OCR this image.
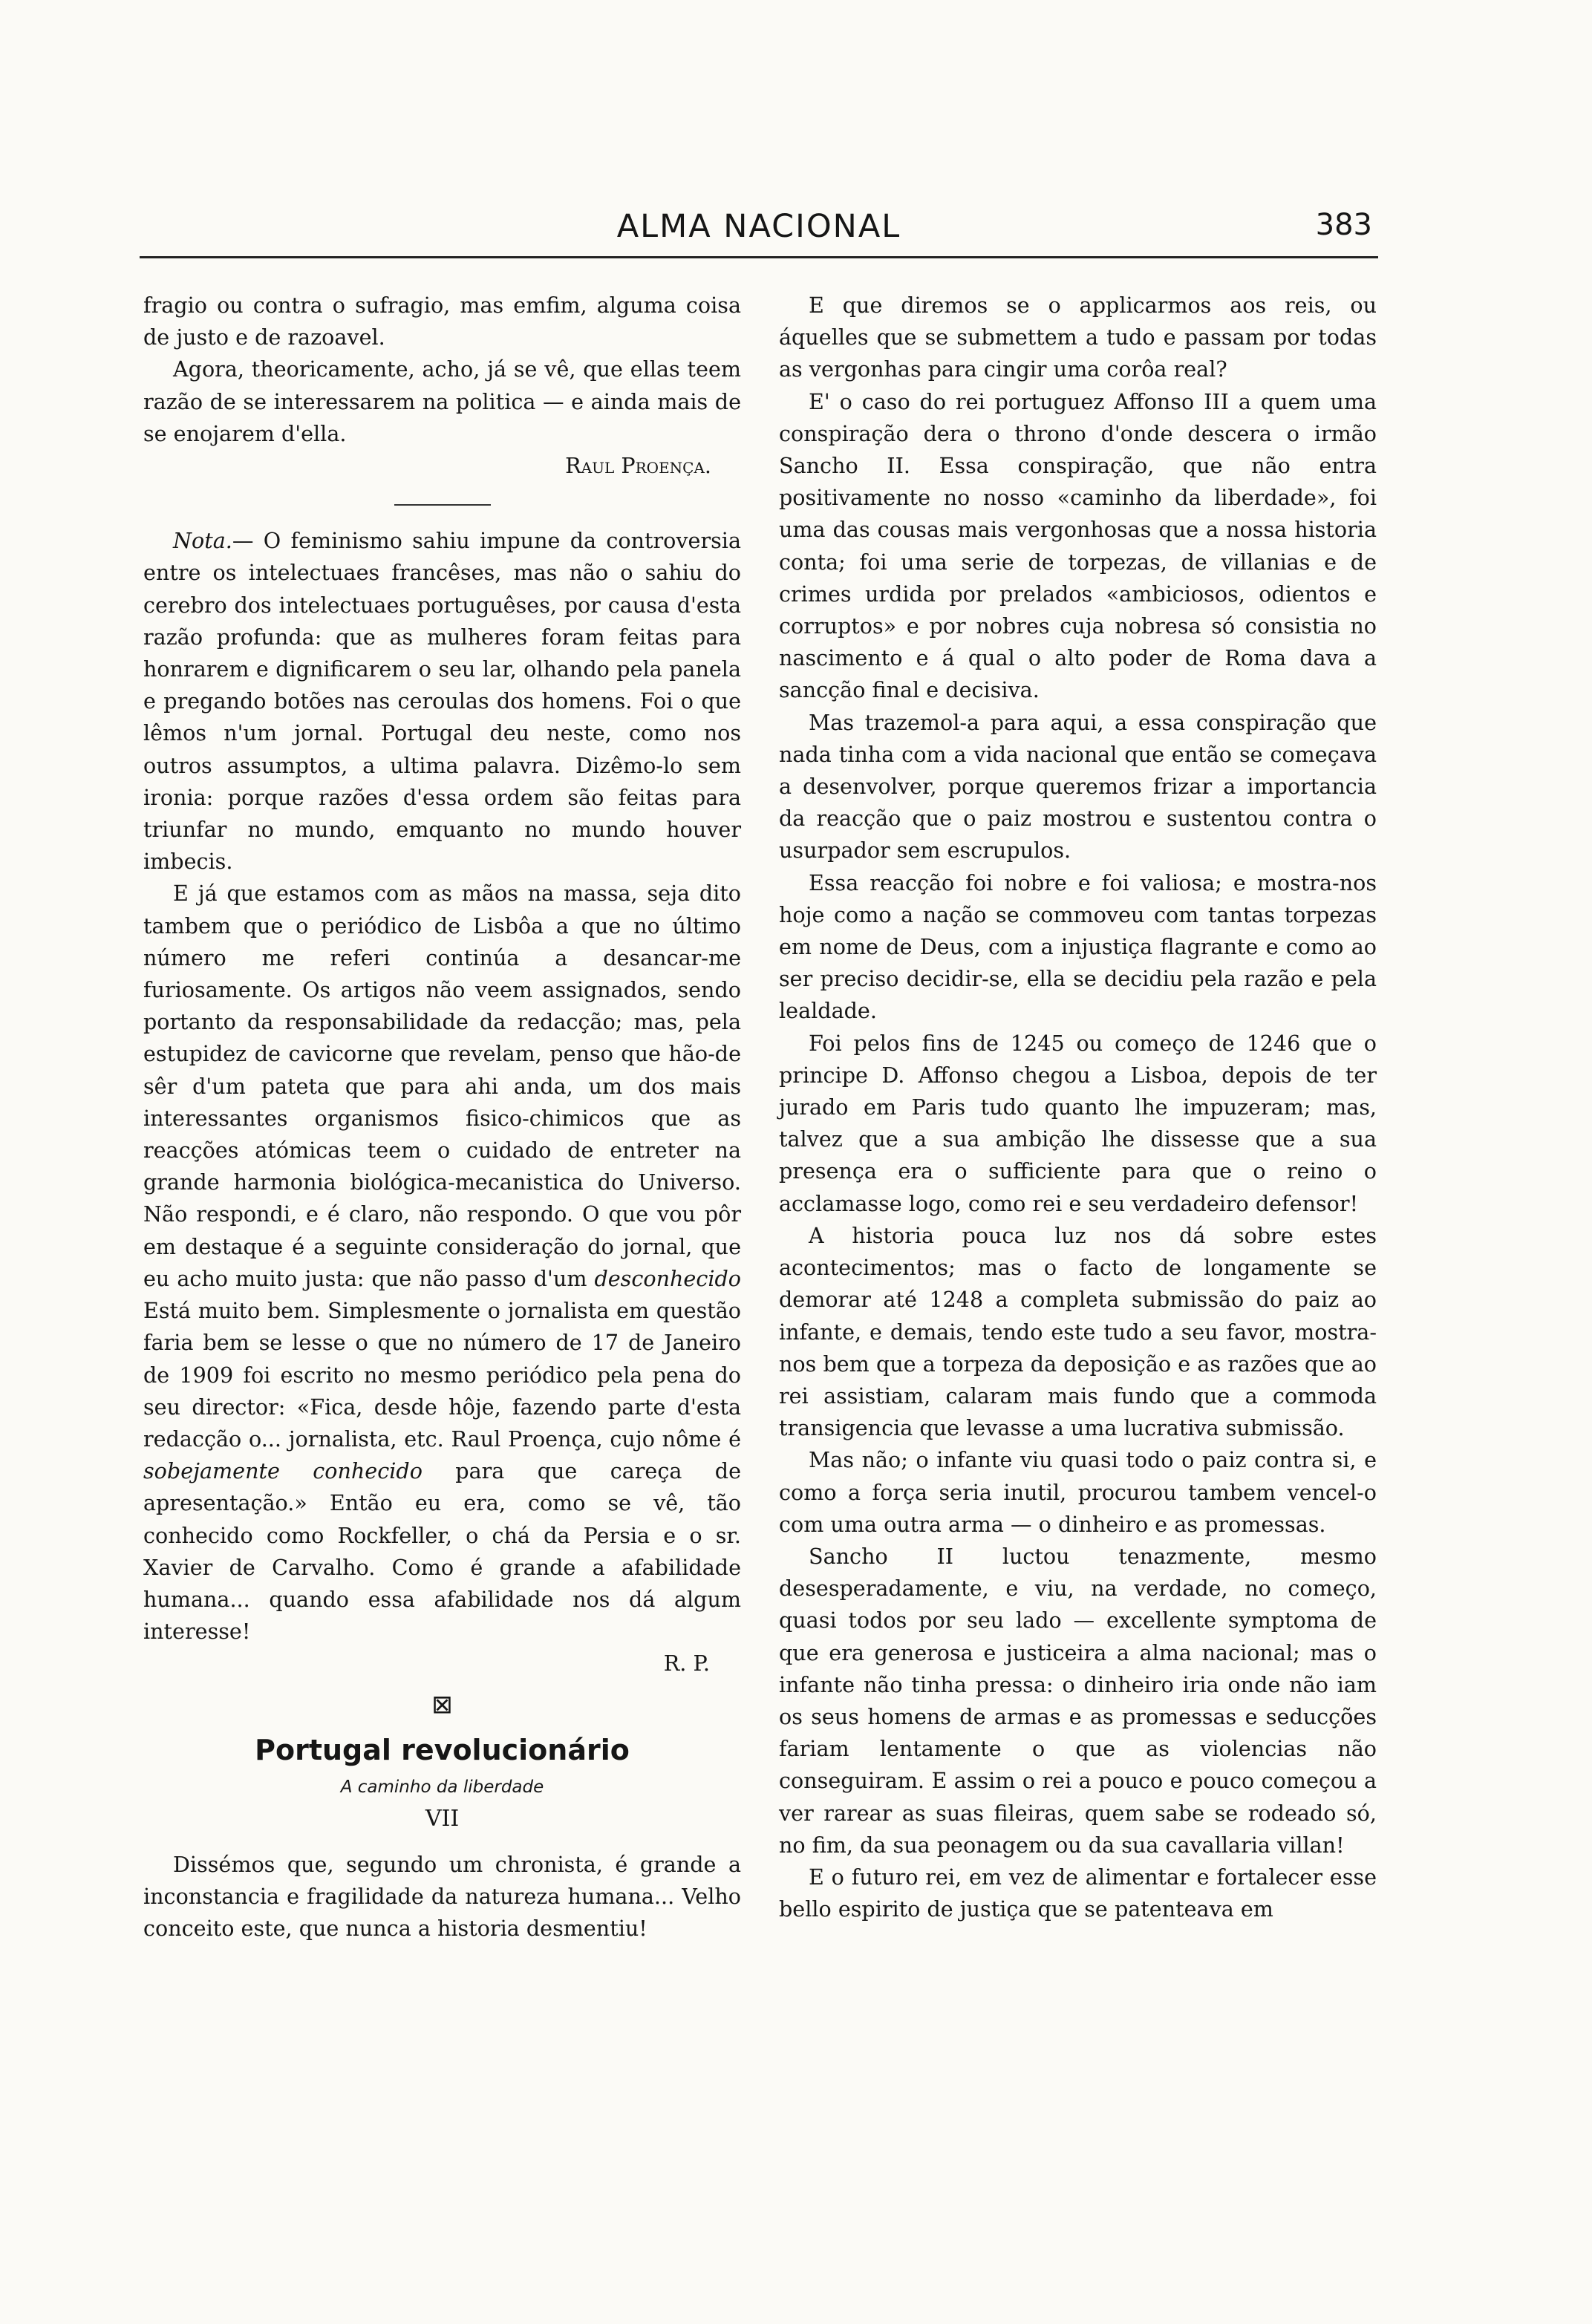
ALMA NACIONAL	383

fragio ou contra o sufragio, mas emfim, alguma coisa de justo e de razoavel.

Agora, theoricamente, acho, já se vê, que ellas teem razão de se interessarem na politica — e ainda mais de se enojarem d'ella.

Raul Proença.

Nota.— O feminismo sahiu impune da controversia entre os intelectuaes francêses, mas não o sahiu do cerebro dos intelectuaes portuguêses, por causa d'esta razão profunda: que as mulheres foram feitas para honrarem e dignificarem o seu lar, olhando pela panela e pregando botões nas ceroulas dos homens. Foi o que lêmos n'um jornal. Portugal deu neste, como nos outros assumptos, a ultima palavra. Dizêmo-lo sem ironia: porque razões d'essa ordem são feitas para triunfar no mundo, emquanto no mundo houver imbecis.

E já que estamos com as mãos na massa, seja dito tambem que o periódico de Lisbôa a que no último número me referi continúa a desancar-me furiosamente. Os artigos não veem assignados, sendo portanto da responsabilidade da redacção; mas, pela estupidez de cavicorne que revelam, penso que hão-de sêr d'um pateta que para ahi anda, um dos mais interessantes organismos fisico-chimicos que as reacções atómicas teem o cuidado de entreter na grande harmonia biológica-mecanistica do Universo. Não respondi, e é claro, não respondo. O que vou pôr em destaque é a seguinte consideração do jornal, que eu acho muito justa: que não passo d'um desconhecido Está muito bem. Simplesmente o jornalista em questão faria bem se lesse o que no número de 17 de Janeiro de 1909 foi escrito no mesmo periódico pela pena do seu director: «Fica, desde hôje, fazendo parte d'esta redacção o... jornalista, etc. Raul Proença, cujo nôme é sobejamente conhecido para que careça de apresentação.» Então eu era, como se vê, tão conhecido como Rockfeller, o chá da Persia e o sr. Xavier de Carvalho. Como é grande a afabilidade humana... quando essa afabilidade nos dá algum interesse!

R. P.
⊠
Portugal revolucionário
A caminho da liberdade
VII

Dissémos que, segundo um chronista, é grande a inconstancia e fragilidade da natureza humana... Velho conceito este, que nunca a historia desmentiu!

E que diremos se o applicarmos aos reis, ou áquelles que se submettem a tudo e passam por todas as vergonhas para cingir uma corôa real?

E' o caso do rei portuguez Affonso III a quem uma conspiração dera o throno d'onde descera o irmão Sancho II. Essa conspiração, que não entra positivamente no nosso «caminho da liberdade», foi uma das cousas mais vergonhosas que a nossa historia conta; foi uma serie de torpezas, de villanias e de crimes urdida por prelados «ambiciosos, odientos e corruptos» e por nobres cuja nobresa só consistia no nascimento e á qual o alto poder de Roma dava a sancção final e decisiva.

Mas trazemol-a para aqui, a essa conspiração que nada tinha com a vida nacional que então se começava a desenvolver, porque queremos frizar a importancia da reacção que o paiz mostrou e sustentou contra o usurpador sem escrupulos.

Essa reacção foi nobre e foi valiosa; e mostra-nos hoje como a nação se commoveu com tantas torpezas em nome de Deus, com a injustiça flagrante e como ao ser preciso decidir-se, ella se decidiu pela razão e pela lealdade.

Foi pelos fins de 1245 ou começo de 1246 que o principe D. Affonso chegou a Lisboa, depois de ter jurado em Paris tudo quanto lhe impuzeram; mas, talvez que a sua ambição lhe dissesse que a sua presença era o sufficiente para que o reino o acclamasse logo, como rei e seu verdadeiro defensor!

A historia pouca luz nos dá sobre estes acontecimentos; mas o facto de longamente se demorar até 1248 a completa submissão do paiz ao infante, e demais, tendo este tudo a seu favor, mostra-nos bem que a torpeza da deposição e as razões que ao rei assistiam, calaram mais fundo que a commoda transigencia que levasse a uma lucrativa submissão.

Mas não; o infante viu quasi todo o paiz contra si, e como a força seria inutil, procurou tambem vencel-o com uma outra arma — o dinheiro e as promessas.

Sancho II luctou tenazmente, mesmo desesperadamente, e viu, na verdade, no começo, quasi todos por seu lado — excellente symptoma de que era generosa e justiceira a alma nacional; mas o infante não tinha pressa: o dinheiro iria onde não iam os seus homens de armas e as promessas e seducções fariam lentamente o que as violencias não conseguiram. E assim o rei a pouco e pouco começou a ver rarear as suas fileiras, quem sabe se rodeado só, no fim, da sua peonagem ou da sua cavallaria villan!

E o futuro rei, em vez de alimentar e fortalecer esse bello espirito de justiça que se patenteava em
